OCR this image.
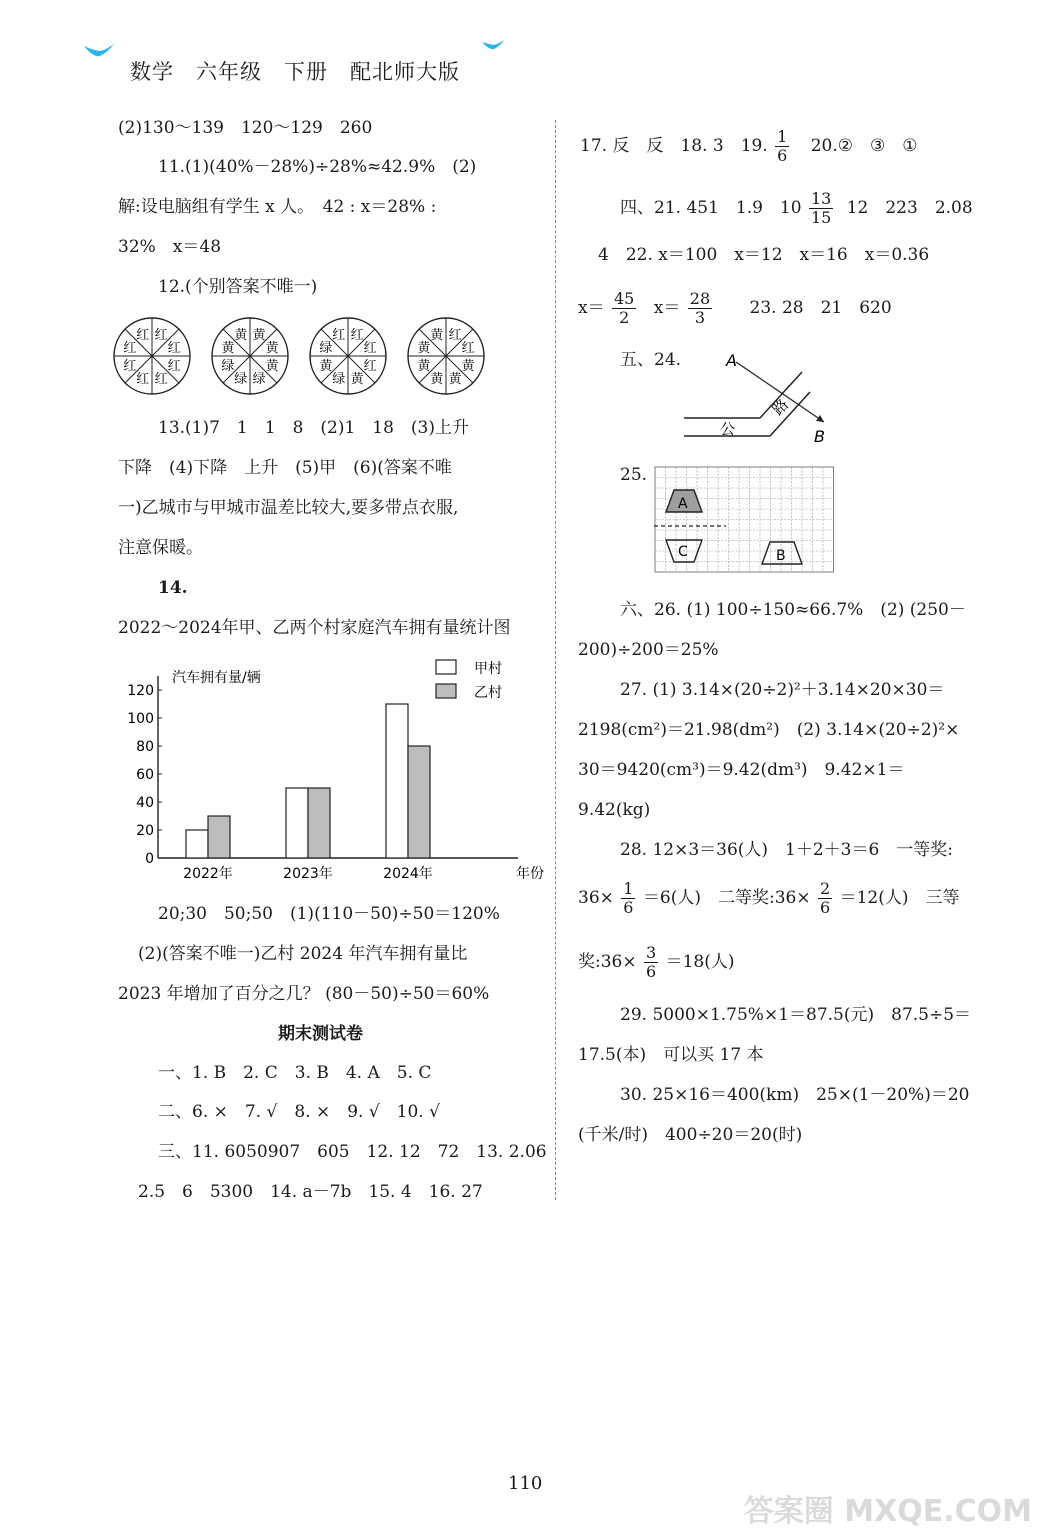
数学　六年级　下册　配北师大版
(2)130～139　120～129　260
11.(1)(40%－28%)÷28%≈42.9%　(2)
解:设电脑组有学生 x 人。　42 : x＝28% :
32%　x＝48
12.(个别答案不唯一)
红
红
红
红
红
红
红
红	黄
黄
黄
绿
绿
绿
黄
黄	红
红
红
黄
绿
黄
绿
红	红
红
黄
黄
黄
黄
黄
黄
13.(1)7　1　1　8　(2)1　18　(3)上升
下降　(4)下降　上升　(5)甲　(6)(答案不唯
一)乙城市与甲城市温差比较大,要多带点衣服,
注意保暖。
14.
2022～2024年甲、乙两个村家庭汽车拥有量统计图
0
20
40
60
80
100
120
汽车拥有量/辆
年份
2022年	2023年	2024年
甲村
乙村
20;30　50;50　(1)(110－50)÷50＝120%
(2)(答案不唯一)乙村 2024 年汽车拥有量比
2023 年增加了百分之几？ (80－50)÷50＝60%
期末测试卷
一、1. B　2. C　3. B　4. A　5. C
二、6. ×　7. √　8. ×　9. √　10. √
三、11. 6050907　605　12. 12　72　13. 2.06
2.5　6　5300　14. a－7b　15. 4　16. 27
17. 反　反　18. 3　19. $\frac{1}{6}$ 20.②　③　①
四、21. 451　1.9　$10 \frac{13}{15} 12$　223　2.08
4　22. x＝100　x＝12　x＝16　x＝0.36
$x= \frac{45}{2} x= \frac{28}{3} 23$. 28　21　620
五、24.	A
B
路
公
25.
A
C	B
六、26. (1) 100÷150≈66.7%　(2) (250－
200)÷200＝25%
27. (1) 3.14×(20÷2)²＋3.14×20×30＝
2198(cm²)＝21.98(dm²)　(2) 3.14×(20÷2)²×
30＝9420(cm³)＝9.42(dm³)　9.42×1＝
9.42(kg)
28. 12×3＝36(人)　1＋2＋3＝6　一等奖:
$36\times \frac{1}{6} =6$(人)　二等奖:36× $\frac{2}{6} =12$(人)　三等
奖:36× $\frac{3}{6} =18$(人)
29. 5000×1.75%×1＝87.5(元)　87.5÷5＝
17.5(本)　可以买 17 本
30. 25×16＝400(km)　25×(1－20%)＝20
(千米/时)　400÷20＝20(时)
110
答案圈 MXQE.COM
